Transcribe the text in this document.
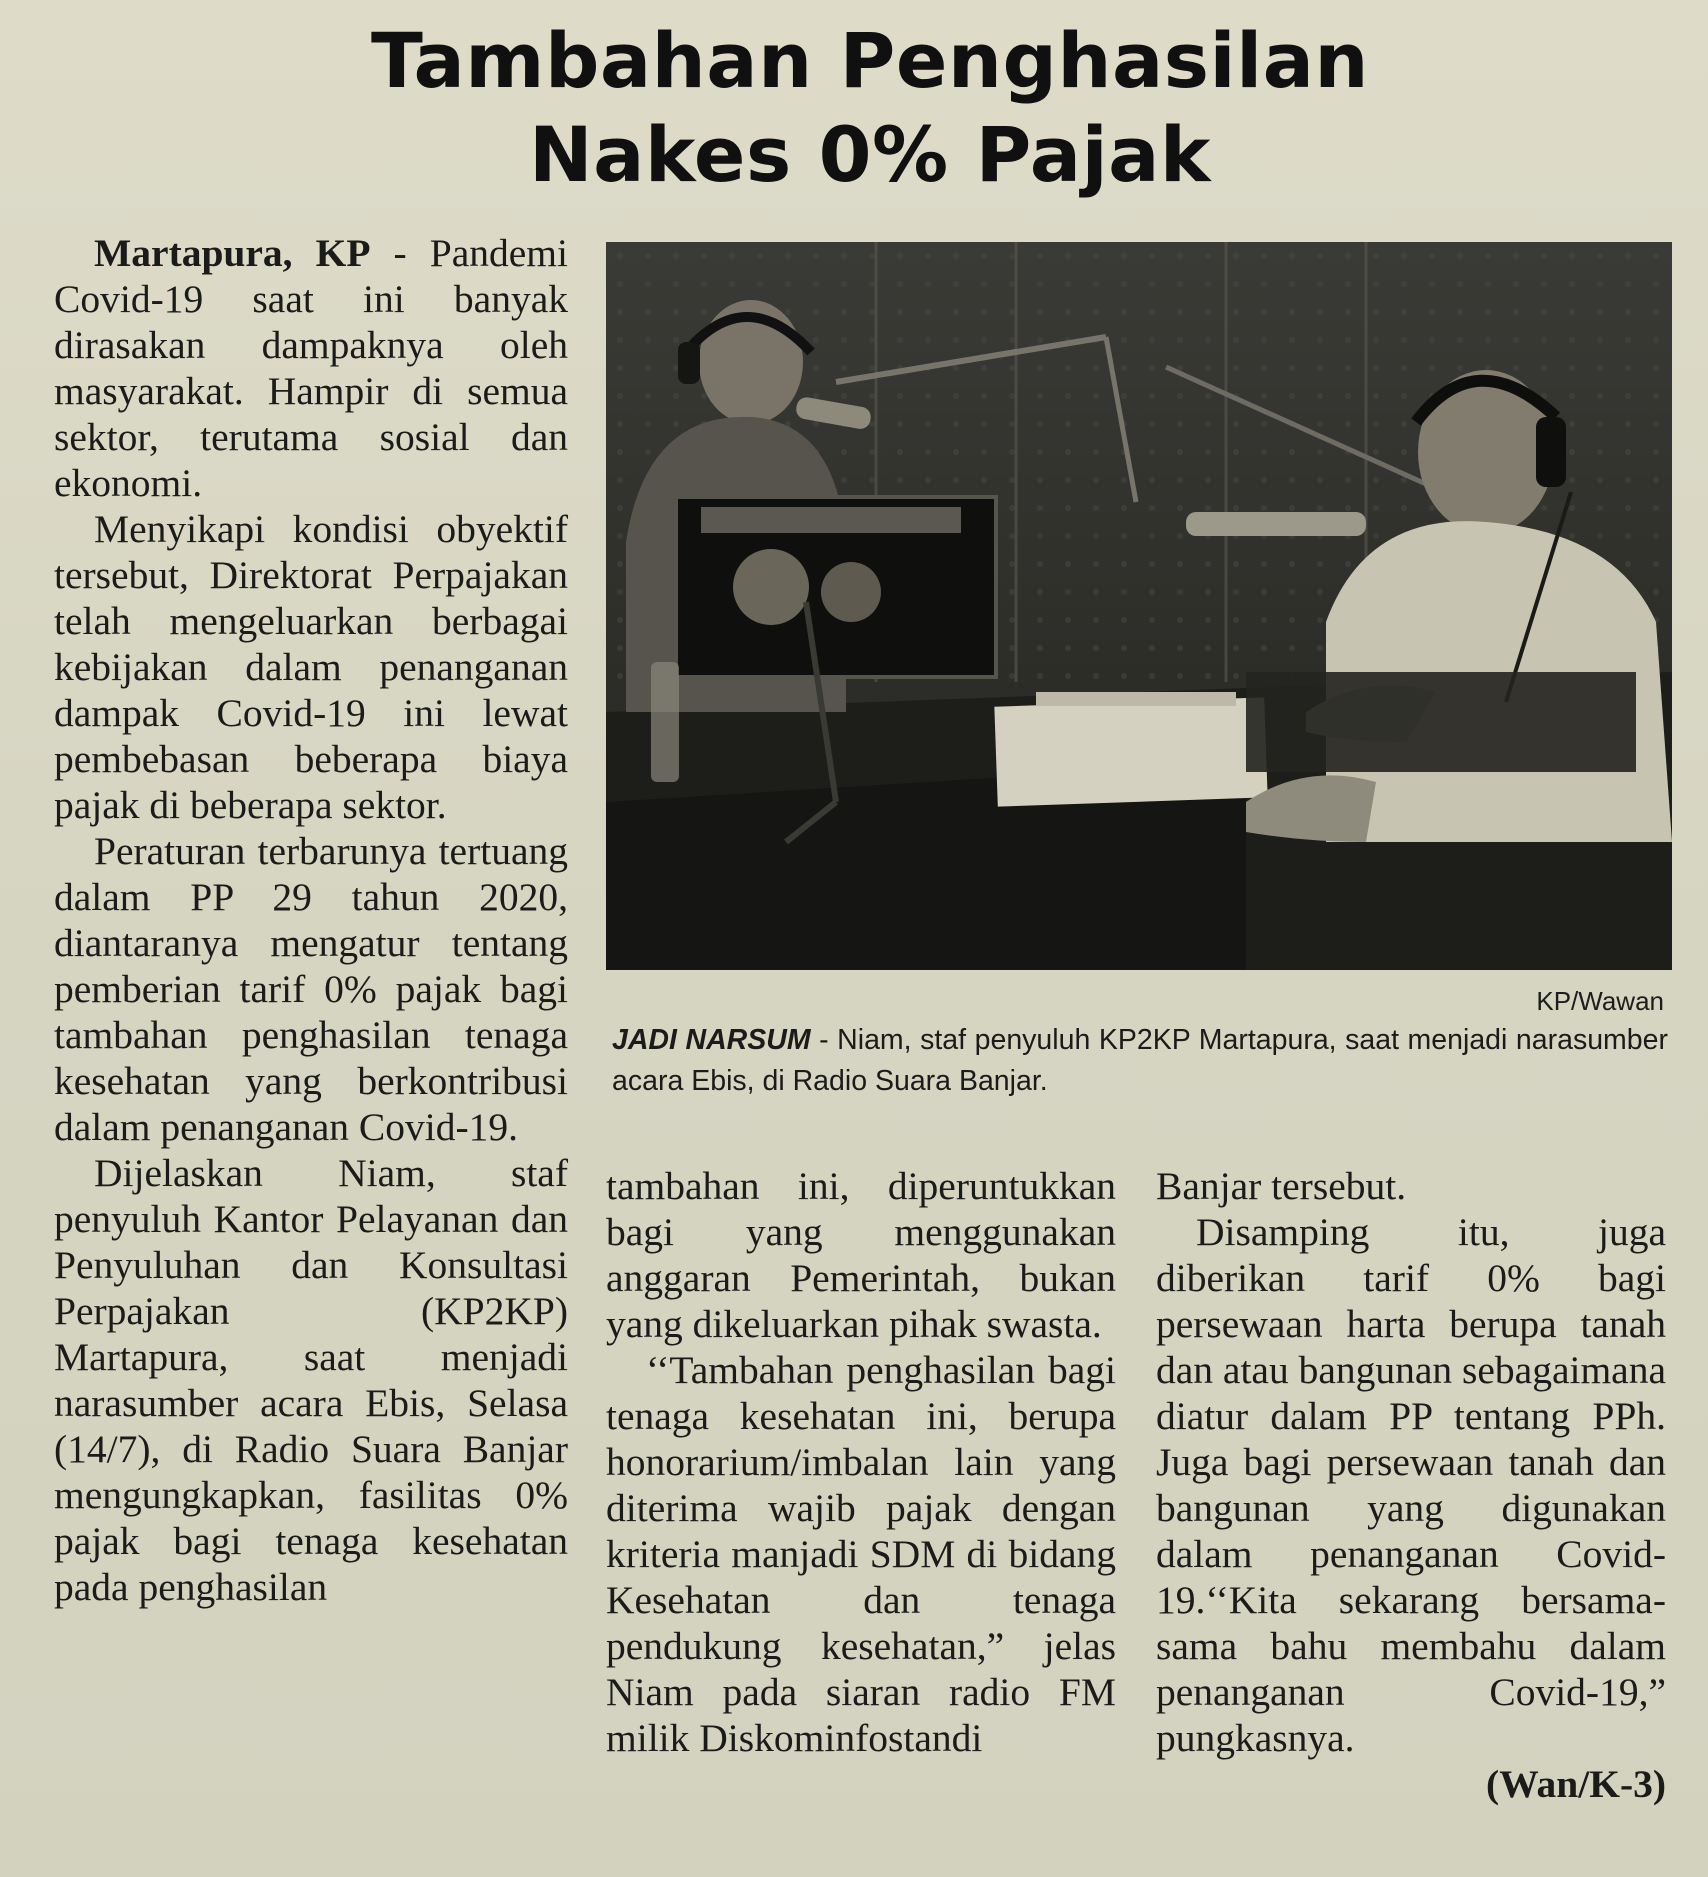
Tambahan Penghasilan
Nakes 0% Pajak

Martapura, KP - Pandemi Covid-19 saat ini banyak dirasakan dampaknya oleh masyarakat. Hampir di semua sektor, terutama sosial dan ekonomi.

Menyikapi kondisi obyektif tersebut, Direktorat Perpajakan telah mengeluarkan berbagai kebijakan dalam penanganan dampak Covid-19 ini lewat pembebasan beberapa biaya pajak di beberapa sektor.

Peraturan terbarunya tertuang dalam PP 29 tahun 2020, diantaranya mengatur tentang pemberian tarif 0% pajak bagi tambahan penghasilan tenaga kesehatan yang berkontribusi dalam penanganan Covid-19.

Dijelaskan Niam, staf penyuluh Kantor Pelayanan dan Penyuluhan dan Konsultasi Perpajakan (KP2KP) Martapura, saat menjadi narasumber acara Ebis, Selasa (14/7), di Radio Suara Banjar mengungkapkan, fasilitas 0% pajak bagi tenaga kesehatan pada penghasilan

KP/Wawan
JADI NARSUM - Niam, staf penyuluh KP2KP Martapura, saat menjadi narasumber acara Ebis, di Radio Suara Banjar.

tambahan ini, diperuntukkan bagi yang menggunakan anggaran Pemerintah, bukan yang dikeluarkan pihak swasta.

‘‘Tambahan penghasilan bagi tenaga kesehatan ini, berupa honorarium/imbalan lain yang diterima wajib pajak dengan kriteria manjadi SDM di bidang Kesehatan dan tenaga pendukung kesehatan,” jelas Niam pada siaran radio FM milik Diskominfostandi

Banjar tersebut.

Disamping itu, juga diberikan tarif 0% bagi persewaan harta berupa tanah dan atau bangunan sebagaimana diatur dalam PP tentang PPh. Juga bagi persewaan tanah dan bangunan yang digunakan dalam penanganan Covid-19.‘‘Kita sekarang bersama-sama bahu membahu dalam penanganan Covid-19,” pungkasnya.

(Wan/K-3)
